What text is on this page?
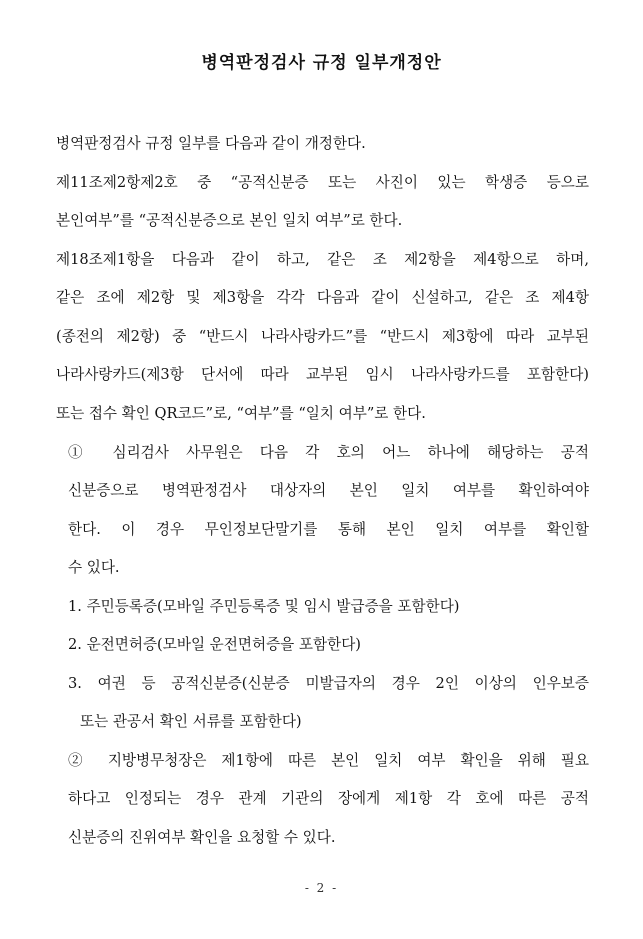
병역판정검사 규정 일부개정안
병역판정검사 규정 일부를 다음과 같이 개정한다.
제11조제2항제2호 중 “공적신분증 또는 사진이 있는 학생증 등으로
본인여부”를 “공적신분증으로 본인 일치 여부”로 한다.
제18조제1항을 다음과 같이 하고, 같은 조 제2항을 제4항으로 하며,
같은 조에 제2항 및 제3항을 각각 다음과 같이 신설하고, 같은 조 제4항
(종전의 제2항) 중 “반드시 나라사랑카드”를 “반드시 제3항에 따라 교부된
나라사랑카드(제3항 단서에 따라 교부된 임시 나라사랑카드를 포함한다)
또는 접수 확인 QR코드”로, “여부”를 “일치 여부”로 한다.
① 심리검사 사무원은 다음 각 호의 어느 하나에 해당하는 공적
신분증으로 병역판정검사 대상자의 본인 일치 여부를 확인하여야
한다. 이 경우 무인정보단말기를 통해 본인 일치 여부를 확인할
수 있다.
1. 주민등록증(모바일 주민등록증 및 임시 발급증을 포함한다)
2. 운전면허증(모바일 운전면허증을 포함한다)
3. 여권 등 공적신분증(신분증 미발급자의 경우 2인 이상의 인우보증
또는 관공서 확인 서류를 포함한다)
② 지방병무청장은 제1항에 따른 본인 일치 여부 확인을 위해 필요
하다고 인정되는 경우 관계 기관의 장에게 제1항 각 호에 따른 공적
신분증의 진위여부 확인을 요청할 수 있다.
- 2 -
